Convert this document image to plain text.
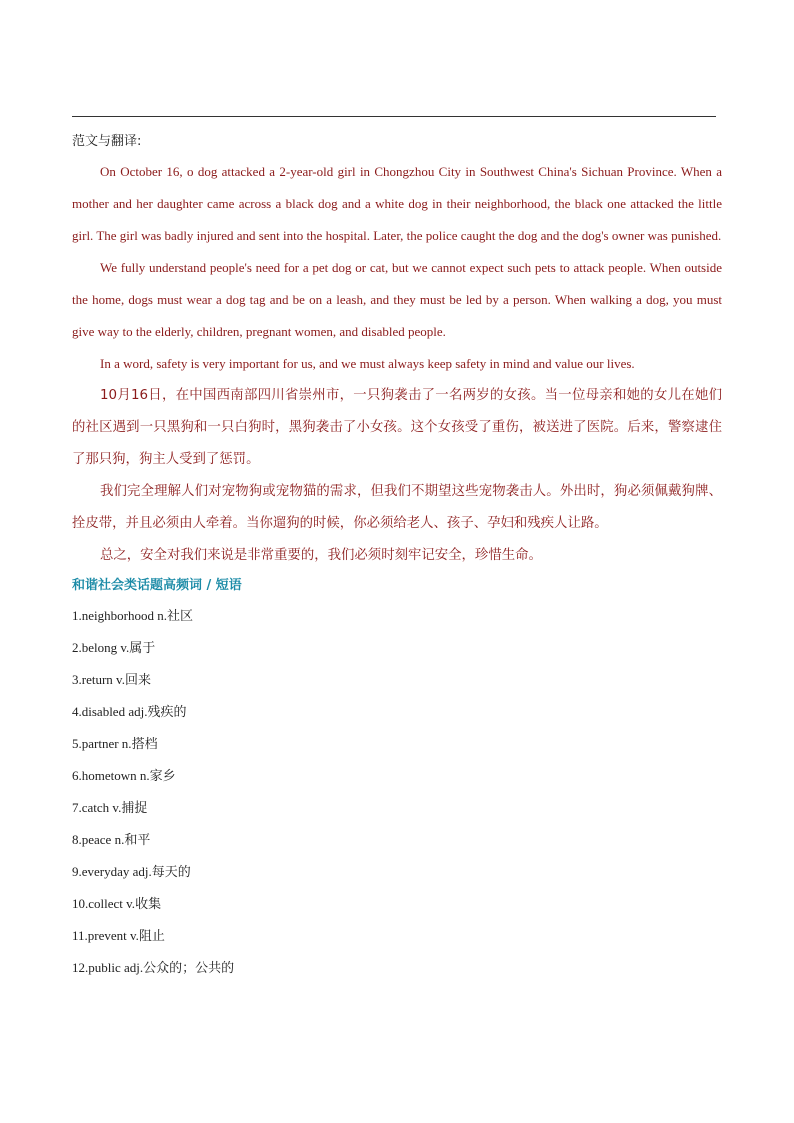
范文与翻译:

On October 16, o dog attacked a 2-year-old girl in Chongzhou City in Southwest China's Sichuan Province. When a mother and her daughter came across a black dog and a white dog in their neighborhood, the black one attacked the little girl. The girl was badly injured and sent into the hospital. Later, the police caught the dog and the dog's owner was punished.

We fully understand people's need for a pet dog or cat, but we cannot expect such pets to attack people. When outside the home, dogs must wear a dog tag and be on a leash, and they must be led by a person. When walking a dog, you must give way to the elderly, children, pregnant women, and disabled people.

In a word, safety is very important for us, and we must always keep safety in mind and value our lives.

10月16日，在中国西南部四川省崇州市，一只狗袭击了一名两岁的女孩。当一位母亲和她的女儿在她们的社区遇到一只黑狗和一只白狗时，黑狗袭击了小女孩。这个女孩受了重伤，被送进了医院。后来，警察逮住了那只狗，狗主人受到了惩罚。

我们完全理解人们对宠物狗或宠物猫的需求，但我们不期望这些宠物袭击人。外出时，狗必须佩戴狗牌、拴皮带，并且必须由人牵着。当你遛狗的时候，你必须给老人、孩子、孕妇和残疾人让路。

总之，安全对我们来说是非常重要的，我们必须时刻牢记安全，珍惜生命。

和谐社会类话题高频词 / 短语
1.neighborhood n.社区
2.belong v.属于
3.return v.回来
4.disabled adj.残疾的
5.partner n.搭档
6.hometown n.家乡
7.catch v.捕捉
8.peace n.和平
9.everyday adj.每天的
10.collect v.收集
11.prevent v.阻止
12.public adj.公众的；公共的
